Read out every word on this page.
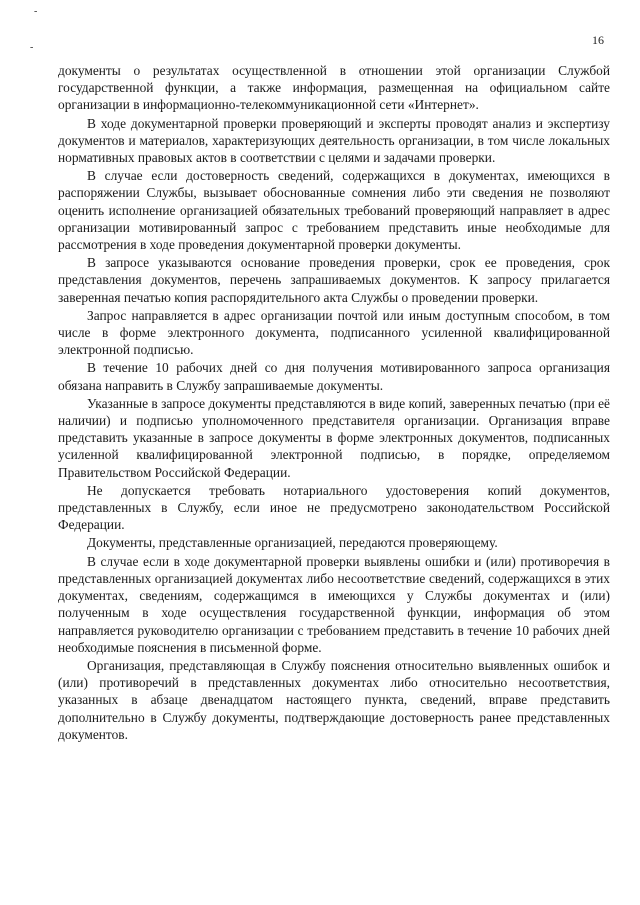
-
-
16

документы о результатах осуществленной в отношении этой организации Службой государственной функции, а также информация, размещенная на официальном сайте организации в информационно-телекоммуникационной сети «Интернет».

В ходе документарной проверки проверяющий и эксперты проводят анализ и экспертизу документов и материалов, характеризующих деятельность организации, в том числе локальных нормативных правовых актов в соответствии с целями и задачами проверки.

В случае если достоверность сведений, содержащихся в документах, имеющихся в распоряжении Службы, вызывает обоснованные сомнения либо эти сведения не позволяют оценить исполнение организацией обязательных требований проверяющий направляет в адрес организации мотивированный запрос с требованием представить иные необходимые для рассмотрения в ходе проведения документарной проверки документы.

В запросе указываются основание проведения проверки, срок ее проведения, срок представления документов, перечень запрашиваемых документов. К запросу прилагается заверенная печатью копия распорядительного акта Службы о проведении проверки.

Запрос направляется в адрес организации почтой или иным доступным способом, в том числе в форме электронного документа, подписанного усиленной квалифицированной электронной подписью.

В течение 10 рабочих дней со дня получения мотивированного запроса организация обязана направить в Службу запрашиваемые документы.

Указанные в запросе документы представляются в виде копий, заверенных печатью (при её наличии) и подписью уполномоченного представителя организации. Организация вправе представить указанные в запросе документы в форме электронных документов, подписанных усиленной квалифицированной электронной подписью, в порядке, определяемом Правительством Российской Федерации.

Не допускается требовать нотариального удостоверения копий документов, представленных в Службу, если иное не предусмотрено законодательством Российской Федерации.

Документы, представленные организацией, передаются проверяющему.

В случае если в ходе документарной проверки выявлены ошибки и (или) противоречия в представленных организацией документах либо несоответствие сведений, содержащихся в этих документах, сведениям, содержащимся в имеющихся у Службы документах и (или) полученным в ходе осуществления государственной функции, информация об этом направляется руководителю организации с требованием представить в течение 10 рабочих дней необходимые пояснения в письменной форме.

Организация, представляющая в Службу пояснения относительно выявленных ошибок и (или) противоречий в представленных документах либо относительно несоответствия, указанных в абзаце двенадцатом настоящего пункта, сведений, вправе представить дополнительно в Службу документы, подтверждающие достоверность ранее представленных документов.
